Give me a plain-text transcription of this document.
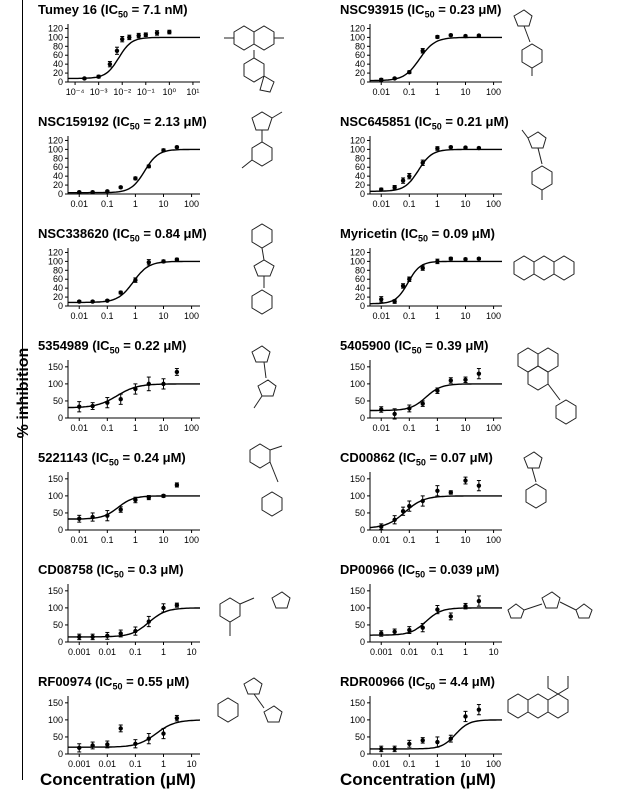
% inhibition
Concentration (μM)	Concentration (μM)
Tumey 16 ($IC_{50} = 7.1$ nM)
0
20
40
60
80
100
120
10⁻⁴ 10⁻³ 10⁻² 10⁻¹ 10⁰ 10¹
NSC93915 ($IC_{50} = 0.23$ μM)
0
20
40
60
80
100
120
0.01 0.1 1 10 100
NSC159192 ($IC_{50} = 2.13$ μM)
0
20
40
60
80
100
120
0.01 0.1 1 10 100
NSC645851 ($IC_{50} = 0.21$ μM)
0
20
40
60
80
100
120
0.01 0.1 1 10 100
NSC338620 ($IC_{50} = 0.84$ μM)
0
20
40
60
80
100
120
0.01 0.1 1 10 100
Myricetin ($IC_{50} = 0.09$ μM)
0
20
40
60
80
100
120
0.01 0.1 1 10 100
5354989 ($IC_{50} = 0.22$ μM)
0
50
100
150
0.01 0.1 1 10 100
5405900 ($IC_{50} = 0.39$ μM)
0
50
100
150
0.01 0.1 1 10 100
5221143 ($IC_{50} = 0.24$ μM)
0
50
100
150
0.01 0.1 1 10 100
CD00862 ($IC_{50} = 0.07$ μM)
0
50
100
150
0.01 0.1 1 10 100
CD08758 ($IC_{50} = 0.3$ μM)
0
50
100
150
0.001 0.01 0.1 1 10
DP00966 ($IC_{50} = 0.039$ μM)
0
50
100
150
0.001 0.01 0.1 1 10
RF00974 ($IC_{50} = 0.55$ μM)
0
50
100
150
0.001 0.01 0.1 1 10
RDR00966 ($IC_{50} = 4.4$ μM)
0
50
100
150
0.01 0.1 1 10 100
